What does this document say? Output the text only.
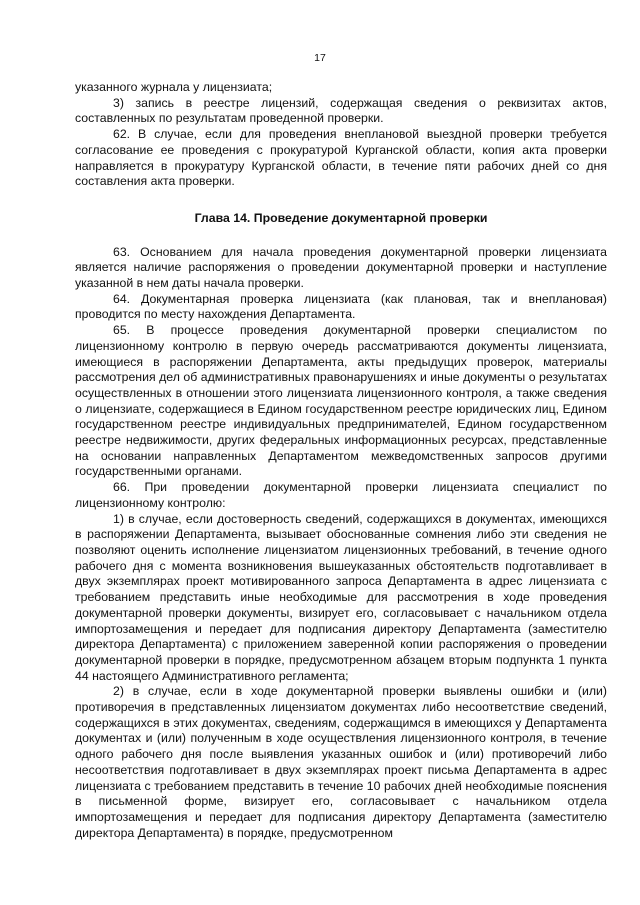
17

указанного журнала у лицензиата;

3) запись в реестре лицензий, содержащая сведения о реквизитах актов, составленных по результатам проведенной проверки.

62. В случае, если для проведения внеплановой выездной проверки требуется согласование ее проведения с прокуратурой Курганской области, копия акта проверки направляется в прокуратуру Курганской области, в течение пяти рабочих дней со дня составления акта проверки.

Глава 14. Проведение документарной проверки

63. Основанием для начала проведения документарной проверки лицензиата является наличие распоряжения о проведении документарной проверки и наступление указанной в нем даты начала проверки.

64. Документарная проверка лицензиата (как плановая, так и внеплановая) проводится по месту нахождения Департамента.

65. В процессе проведения документарной проверки специалистом по лицензионному контролю в первую очередь рассматриваются документы лицензиата, имеющиеся в распоряжении Департамента, акты предыдущих проверок, материалы рассмотрения дел об административных правонарушениях и иные документы о результатах осуществленных в отношении этого лицензиата лицензионного контроля, а также сведения о лицензиате, содержащиеся в Едином государственном реестре юридических лиц, Едином государственном реестре индивидуальных предпринимателей, Едином государственном реестре недвижимости, других федеральных информационных ресурсах, представленные на основании направленных Департаментом межведомственных запросов другими государственными органами.

66. При проведении документарной проверки лицензиата специалист по лицензионному контролю:

1) в случае, если достоверность сведений, содержащихся в документах, имеющихся в распоряжении Департамента, вызывает обоснованные сомнения либо эти сведения не позволяют оценить исполнение лицензиатом лицензионных требований, в течение одного рабочего дня с момента возникновения вышеуказанных обстоятельств подготавливает в двух экземплярах проект мотивированного запроса Департамента в адрес лицензиата с требованием представить иные необходимые для рассмотрения в ходе проведения документарной проверки документы, визирует его, согласовывает с начальником отдела импортозамещения и передает для подписания директору Департамента (заместителю директора Департамента) с приложением заверенной копии распоряжения о проведении документарной проверки в порядке, предусмотренном абзацем вторым подпункта 1 пункта 44 настоящего Административного регламента;

2) в случае, если в ходе документарной проверки выявлены ошибки и (или) противоречия в представленных лицензиатом документах либо несоответствие сведений, содержащихся в этих документах, сведениям, содержащимся в имеющихся у Департамента документах и (или) полученным в ходе осуществления лицензионного контроля, в течение одного рабочего дня после выявления указанных ошибок и (или) противоречий либо несоответствия подготавливает в двух экземплярах проект письма Департамента в адрес лицензиата с требованием представить в течение 10 рабочих дней необходимые пояснения в письменной форме, визирует его, согласовывает с начальником отдела импортозамещения и передает для подписания директору Департамента (заместителю директора Департамента) в порядке, предусмотренном
